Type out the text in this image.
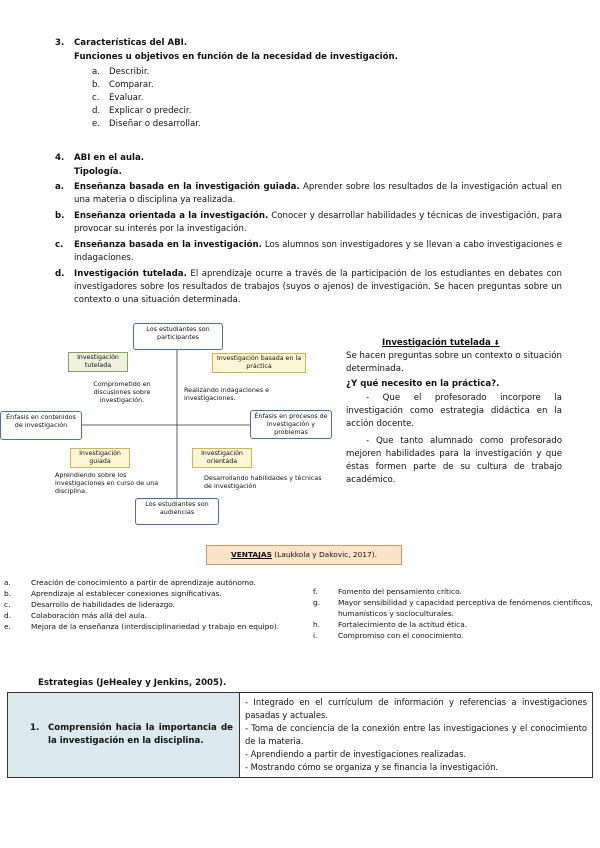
3. Características del ABI.
Funciones u objetivos en función de la necesidad de investigación.
a. Describir.
b. Comparar.
c. Evaluar.
d. Explicar o predecir.
e. Diseñar o desarrollar.
4. ABI en el aula.
Tipología.
a. Enseñanza basada en la investigación guiada. Aprender sobre los resultados de la investigación actual en una materia o disciplina ya realizada.
b. Enseñanza orientada a la investigación. Conocer y desarrollar habilidades y técnicas de investigación, para provocar su interés por la investigación.
c. Enseñanza basada en la investigación. Los alumnos son investigadores y se llevan a cabo investigaciones e indagaciones.
d. Investigación tutelada. El aprendizaje ocurre a través de la participación de los estudiantes en debates con investigadores sobre los resultados de trabajos (suyos o ajenos) de investigación. Se hacen preguntas sobre un contexto o una situación determinada.
Los estudiantes son participantes
Los estudiantes son audiencias
Énfasis en contenidos de investigación
Énfasis en procesos de investigación y problemas
Investigación tutelada
Comprometido en discusiones sobre investigación.
Investigación basada en la práctica
Realizando indagaciones e investigaciones.
Investigación guiada
Aprendiendo sobre los investigaciones en curso de una disciplina.
Investigación orientada
Desarrollando habilidades y técnicas de investigación
Investigación tutelada ⬇
Se hacen preguntas sobre un contexto o situación determinada.
¿Y qué necesito en la práctica?.
- Que el profesorado incorpore la investigación como estrategia didáctica en la acción docente.
- Que tanto alumnado como profesorado mejoren habilidades para la investigación y que éstas formen parte de su cultura de trabajo académico.
VENTAJAS (Laukkola y Dakovic, 2017).
a.	Creación de conocimiento a partir de aprendizaje autónomo.
b.	Aprendizaje al establecer conexiones significativas.
c.	Desarrollo de habilidades de liderazgo.
d.	Colaboración más allá del aula.
e.	Mejora de la enseñanza (interdisciplinariedad y trabajo en equipo).
f.	Fomento del pensamiento crítico.
g.	Mayor sensibilidad y capacidad perceptiva de fenómenos científicos, humanísticos y socioculturales.
h.	Fortalecimiento de la actitud ética.
i.	Compromiso con el conocimiento.
Estrategias (JeHealey y Jenkins, 2005).
1.	Comprensión hacia la importancia de la investigación en la disciplina.

- Integrado en el currículum de información y referencias a investigaciones pasadas y actuales.
- Toma de conciencia de la conexión entre las investigaciones y el conocimiento de la materia.
- Aprendiendo a partir de investigaciones realizadas.
- Mostrando cómo se organiza y se financia la investigación.
